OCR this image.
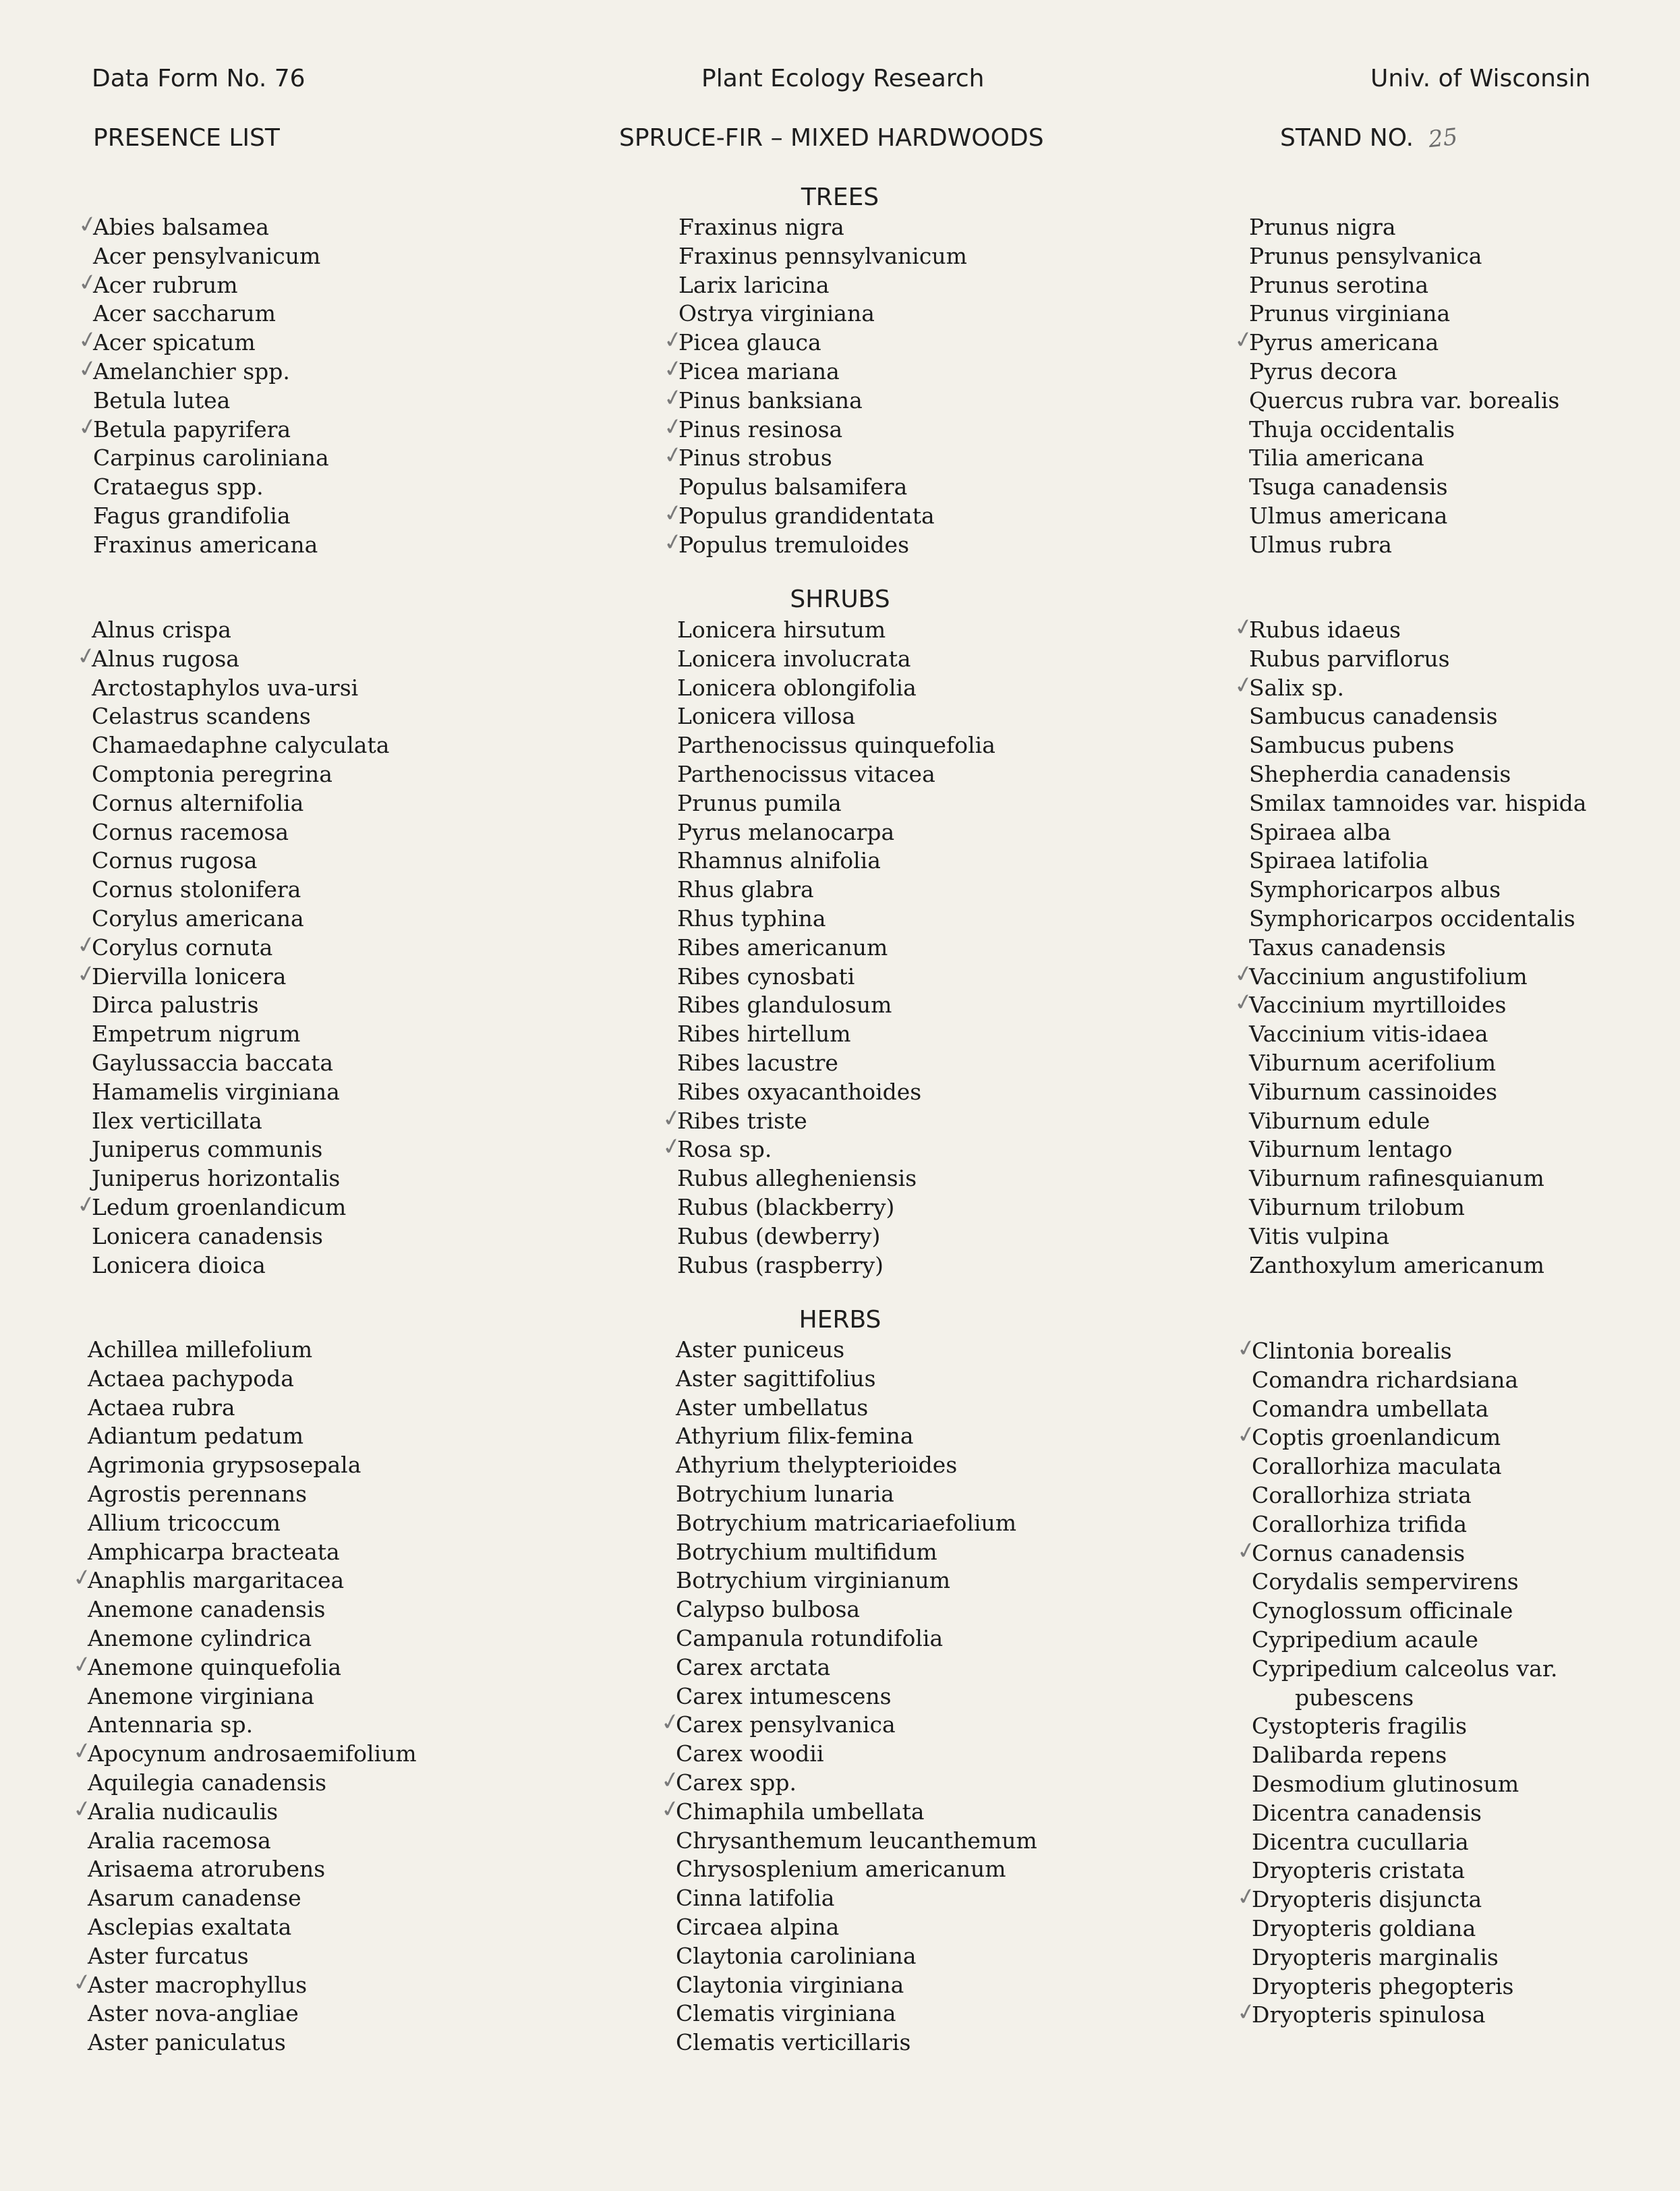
Data Form No. 76	Plant Ecology Research	Univ. of Wisconsin
PRESENCE LIST	SPRUCE-FIR – MIXED HARDWOODS	STAND NO. 25
TREES
✓ Abies balsamea
Acer pensylvanicum
✓ Acer rubrum
Acer saccharum
✓ Acer spicatum
✓ Amelanchier spp.
Betula lutea
✓ Betula papyrifera
Carpinus caroliniana
Crataegus spp.
Fagus grandifolia
Fraxinus americana
Fraxinus nigra
Fraxinus pennsylvanicum
Larix laricina
Ostrya virginiana
✓ Picea glauca
✓ Picea mariana
✓ Pinus banksiana
✓ Pinus resinosa
✓ Pinus strobus
Populus balsamifera
✓ Populus grandidentata
✓ Populus tremuloides
Prunus nigra
Prunus pensylvanica
Prunus serotina
Prunus virginiana
✓ Pyrus americana
Pyrus decora
Quercus rubra var. borealis
Thuja occidentalis
Tilia americana
Tsuga canadensis
Ulmus americana
Ulmus rubra
SHRUBS
Alnus crispa
✓ Alnus rugosa
Arctostaphylos uva-ursi
Celastrus scandens
Chamaedaphne calyculata
Comptonia peregrina
Cornus alternifolia
Cornus racemosa
Cornus rugosa
Cornus stolonifera
Corylus americana
✓ Corylus cornuta
✓ Diervilla lonicera
Dirca palustris
Empetrum nigrum
Gaylussaccia baccata
Hamamelis virginiana
Ilex verticillata
Juniperus communis
Juniperus horizontalis
✓ Ledum groenlandicum
Lonicera canadensis
Lonicera dioica
Lonicera hirsutum
Lonicera involucrata
Lonicera oblongifolia
Lonicera villosa
Parthenocissus quinquefolia
Parthenocissus vitacea
Prunus pumila
Pyrus melanocarpa
Rhamnus alnifolia
Rhus glabra
Rhus typhina
Ribes americanum
Ribes cynosbati
Ribes glandulosum
Ribes hirtellum
Ribes lacustre
Ribes oxyacanthoides
✓ Ribes triste
✓ Rosa sp.
Rubus allegheniensis
Rubus (blackberry)
Rubus (dewberry)
Rubus (raspberry)
✓ Rubus idaeus
Rubus parviflorus
✓ Salix sp.
Sambucus canadensis
Sambucus pubens
Shepherdia canadensis
Smilax tamnoides var. hispida
Spiraea alba
Spiraea latifolia
Symphoricarpos albus
Symphoricarpos occidentalis
Taxus canadensis
✓ Vaccinium angustifolium
✓ Vaccinium myrtilloides
Vaccinium vitis-idaea
Viburnum acerifolium
Viburnum cassinoides
Viburnum edule
Viburnum lentago
Viburnum rafinesquianum
Viburnum trilobum
Vitis vulpina
Zanthoxylum americanum
HERBS
Achillea millefolium
Actaea pachypoda
Actaea rubra
Adiantum pedatum
Agrimonia grypsosepala
Agrostis perennans
Allium tricoccum
Amphicarpa bracteata
✓ Anaphlis margaritacea
Anemone canadensis
Anemone cylindrica
✓ Anemone quinquefolia
Anemone virginiana
Antennaria sp.
✓ Apocynum androsaemifolium
Aquilegia canadensis
✓ Aralia nudicaulis
Aralia racemosa
Arisaema atrorubens
Asarum canadense
Asclepias exaltata
Aster furcatus
✓ Aster macrophyllus
Aster nova-angliae
Aster paniculatus
Aster puniceus
Aster sagittifolius
Aster umbellatus
Athyrium filix-femina
Athyrium thelypterioides
Botrychium lunaria
Botrychium matricariaefolium
Botrychium multifidum
Botrychium virginianum
Calypso bulbosa
Campanula rotundifolia
Carex arctata
Carex intumescens
✓ Carex pensylvanica
Carex woodii
✓ Carex spp.
✓ Chimaphila umbellata
Chrysanthemum leucanthemum
Chrysosplenium americanum
Cinna latifolia
Circaea alpina
Claytonia caroliniana
Claytonia virginiana
Clematis virginiana
Clematis verticillaris
✓ Clintonia borealis
Comandra richardsiana
Comandra umbellata
✓ Coptis groenlandicum
Corallorhiza maculata
Corallorhiza striata
Corallorhiza trifida
✓ Cornus canadensis
Corydalis sempervirens
Cynoglossum officinale
Cypripedium acaule
Cypripedium calceolus var.
pubescens
Cystopteris fragilis
Dalibarda repens
Desmodium glutinosum
Dicentra canadensis
Dicentra cucullaria
Dryopteris cristata
✓ Dryopteris disjuncta
Dryopteris goldiana
Dryopteris marginalis
Dryopteris phegopteris
✓ Dryopteris spinulosa
